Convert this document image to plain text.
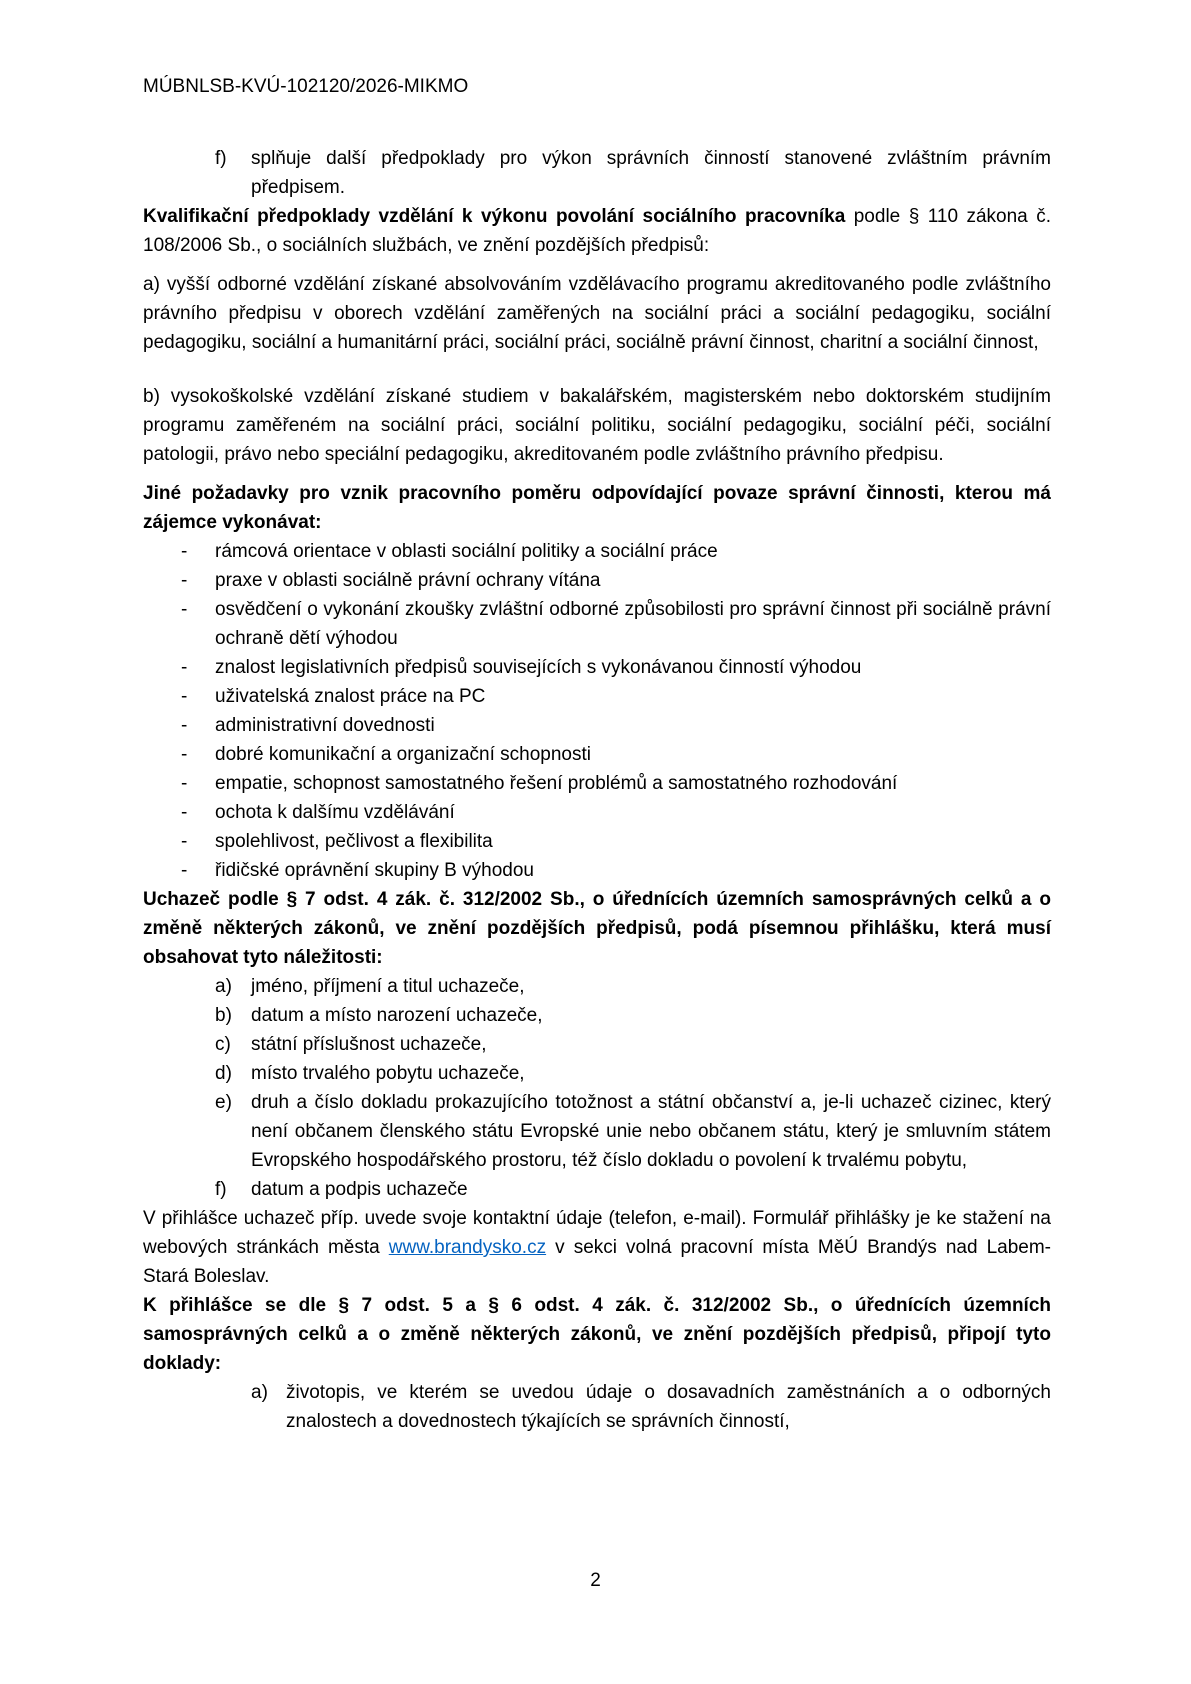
MÚBNLSB-KVÚ-102120/2026-MIKMO
f) splňuje další předpoklady pro výkon správních činností stanovené zvláštním právním předpisem.

Kvalifikační předpoklady vzdělání k výkonu povolání sociálního pracovníka podle § 110 zákona č. 108/2006 Sb., o sociálních službách, ve znění pozdějších předpisů:

a) vyšší odborné vzdělání získané absolvováním vzdělávacího programu akreditovaného podle zvláštního právního předpisu v oborech vzdělání zaměřených na sociální práci a sociální pedagogiku, sociální pedagogiku, sociální a humanitární práci, sociální práci, sociálně právní činnost, charitní a sociální činnost,

b) vysokoškolské vzdělání získané studiem v bakalářském, magisterském nebo doktorském studijním programu zaměřeném na sociální práci, sociální politiku, sociální pedagogiku, sociální péči, sociální patologii, právo nebo speciální pedagogiku, akreditovaném podle zvláštního právního předpisu.

Jiné požadavky pro vznik pracovního poměru odpovídající povaze správní činnosti, kterou má zájemce vykonávat:

- rámcová orientace v oblasti sociální politiky a sociální práce
- praxe v oblasti sociálně právní ochrany vítána
- osvědčení o vykonání zkoušky zvláštní odborné způsobilosti pro správní činnost při sociálně právní ochraně dětí výhodou
- znalost legislativních předpisů souvisejících s vykonávanou činností výhodou
- uživatelská znalost práce na PC
- administrativní dovednosti
- dobré komunikační a organizační schopnosti
- empatie, schopnost samostatného řešení problémů a samostatného rozhodování
- ochota k dalšímu vzdělávání
- spolehlivost, pečlivost a flexibilita
- řidičské oprávnění skupiny B výhodou

Uchazeč podle § 7 odst. 4 zák. č. 312/2002 Sb., o úřednících územních samosprávných celků a o změně některých zákonů, ve znění pozdějších předpisů, podá písemnou přihlášku, která musí obsahovat tyto náležitosti:

a) jméno, příjmení a titul uchazeče,
b) datum a místo narození uchazeče,
c) státní příslušnost uchazeče,
d) místo trvalého pobytu uchazeče,
e) druh a číslo dokladu prokazujícího totožnost a státní občanství a, je-li uchazeč cizinec, který není občanem členského státu Evropské unie nebo občanem státu, který je smluvním státem Evropského hospodářského prostoru, též číslo dokladu o povolení k trvalému pobytu,
f) datum a podpis uchazeče

V přihlášce uchazeč příp. uvede svoje kontaktní údaje (telefon, e-mail). Formulář přihlášky je ke stažení na webových stránkách města www.brandysko.cz v sekci volná pracovní místa MěÚ Brandýs nad Labem-Stará Boleslav.

K přihlášce se dle § 7 odst. 5 a § 6 odst. 4 zák. č. 312/2002 Sb., o úřednících územních samosprávných celků a o změně některých zákonů, ve znění pozdějších předpisů, připojí tyto doklady:

a) životopis, ve kterém se uvedou údaje o dosavadních zaměstnáních a o odborných znalostech a dovednostech týkajících se správních činností,
2
